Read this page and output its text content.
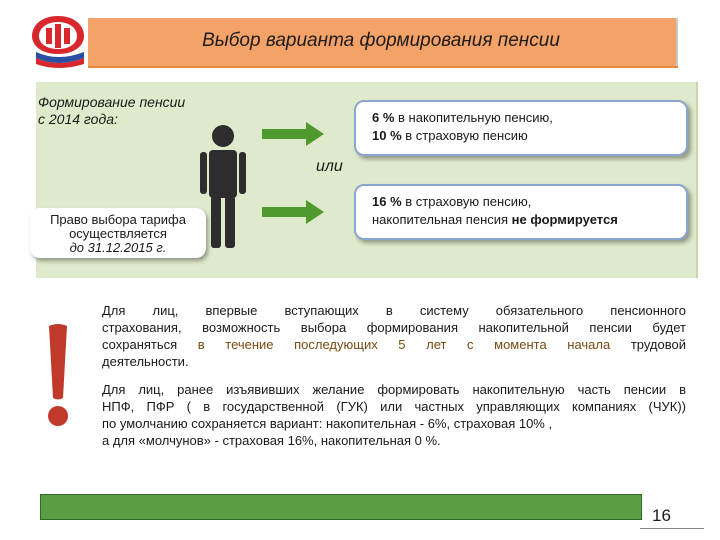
Выбор варианта формирования пенсии
Формирование пенсии
с 2014 года:
или
6 % в накопительную пенсию,
10 % в страховую пенсию
16 % в страховую пенсию,
накопительная пенсия не формируется
Право выбора тарифа
осуществляется
до 31.12.2015 г.
Для лиц, впервые вступающих в систему обязательного пенсионного
страхования, возможность выбора формирования накопительной пенсии будет
сохраняться в течение последующих 5 лет с момента начала трудовой
деятельности.
Для лиц, ранее изъявивших желание формировать накопительную часть пенсии в
НПФ, ПФР ( в государственной (ГУК) или частных управляющих компаниях (ЧУК))
по умолчанию сохраняется вариант: накопительная - 6%, страховая 10% ,
а для «молчунов» - страховая 16%, накопительная 0 %.
16
